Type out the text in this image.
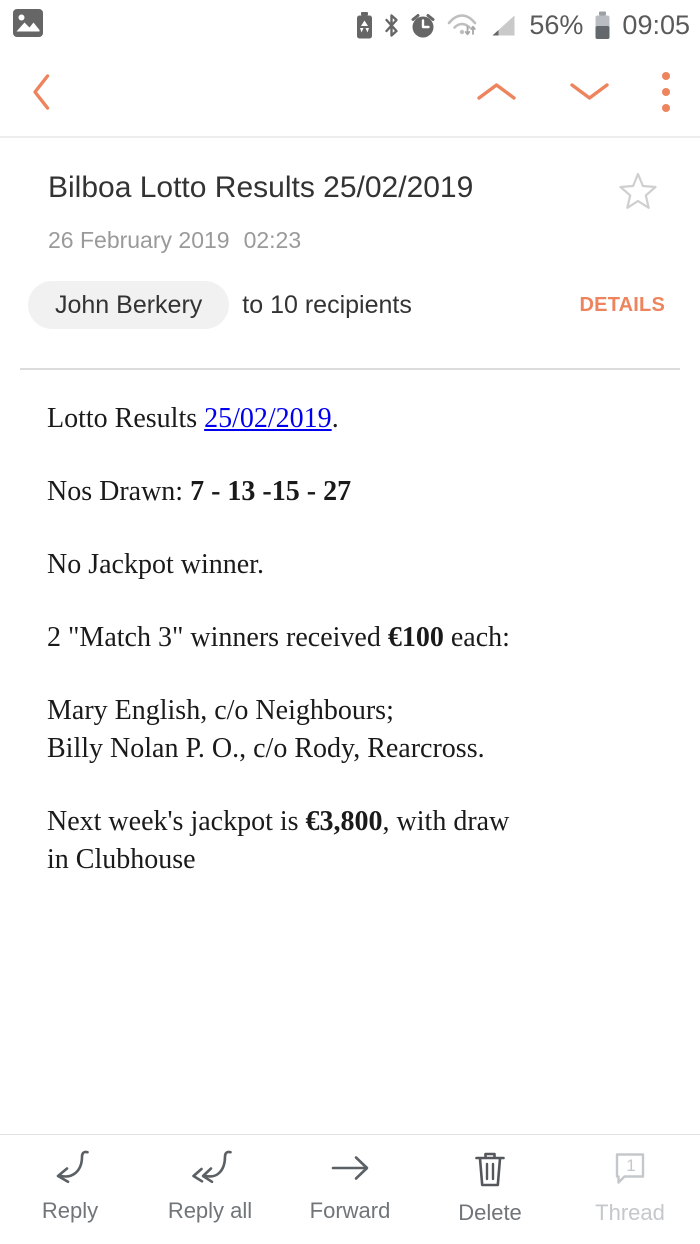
56% 09:05
Bilboa Lotto Results 25/02/2019
26 February 2019 02:23
John Berkery to 10 recipients	DETAILS
Lotto Results 25/02/2019.
Nos Drawn: 7 - 13 -15 - 27
No Jackpot winner.
2 "Match 3" winners received €100 each:
Mary English, c/o Neighbours;
Billy Nolan P. O., c/o Rody, Rearcross.
Next week's jackpot is €3,800, with draw
in Clubhouse
Reply	Reply all	Forward	Delete
1
Thread
